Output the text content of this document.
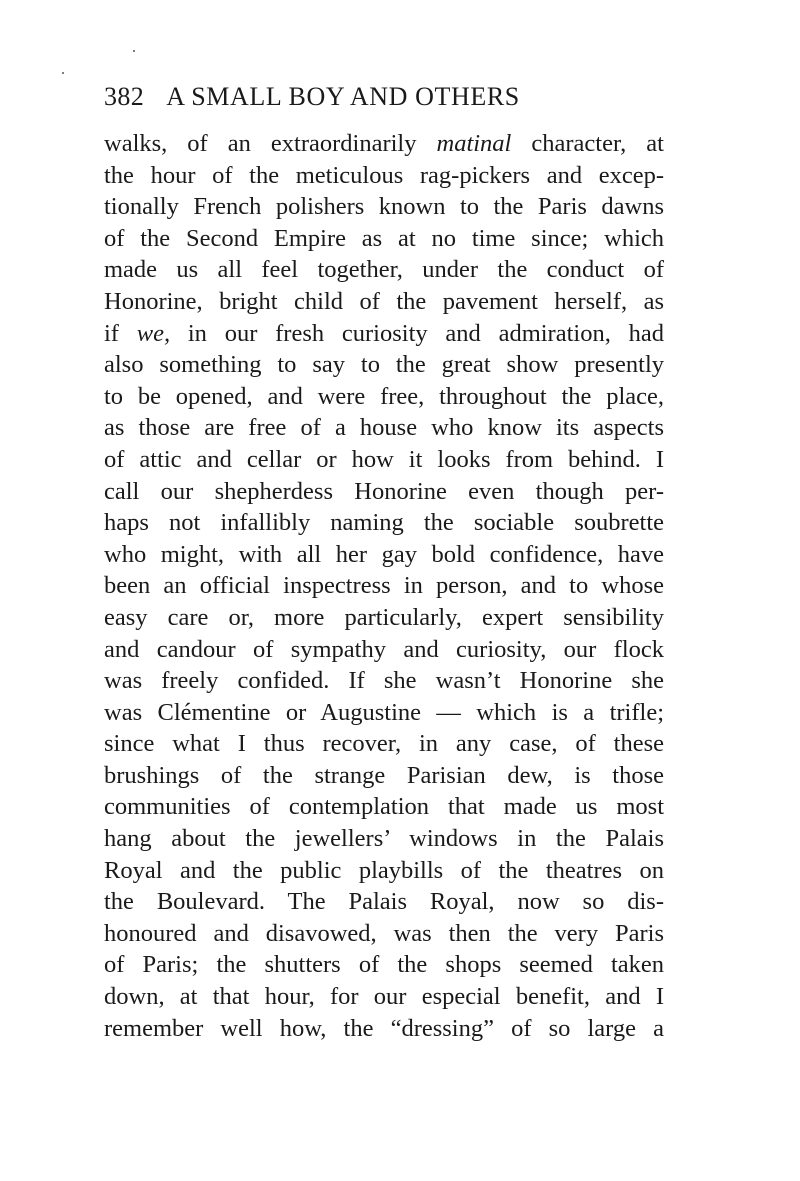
382 A SMALL BOY AND OTHERS
walks, of an extraordinarily matinal character, at
the hour of the meticulous rag-pickers and excep-
tionally French polishers known to the Paris dawns
of the Second Empire as at no time since; which
made us all feel together, under the conduct of
Honorine, bright child of the pavement herself, as
if we, in our fresh curiosity and admiration, had
also something to say to the great show presently
to be opened, and were free, throughout the place,
as those are free of a house who know its aspects
of attic and cellar or how it looks from behind. I
call our shepherdess Honorine even though per-
haps not infallibly naming the sociable soubrette
who might, with all her gay bold confidence, have
been an official inspectress in person, and to whose
easy care or, more particularly, expert sensibility
and candour of sympathy and curiosity, our flock
was freely confided. If she wasn’t Honorine she
was Clémentine or Augustine — which is a trifle;
since what I thus recover, in any case, of these
brushings of the strange Parisian dew, is those
communities of contemplation that made us most
hang about the jewellers’ windows in the Palais
Royal and the public playbills of the theatres on
the Boulevard. The Palais Royal, now so dis-
honoured and disavowed, was then the very Paris
of Paris; the shutters of the shops seemed taken
down, at that hour, for our especial benefit, and I
remember well how, the “dressing” of so large a
